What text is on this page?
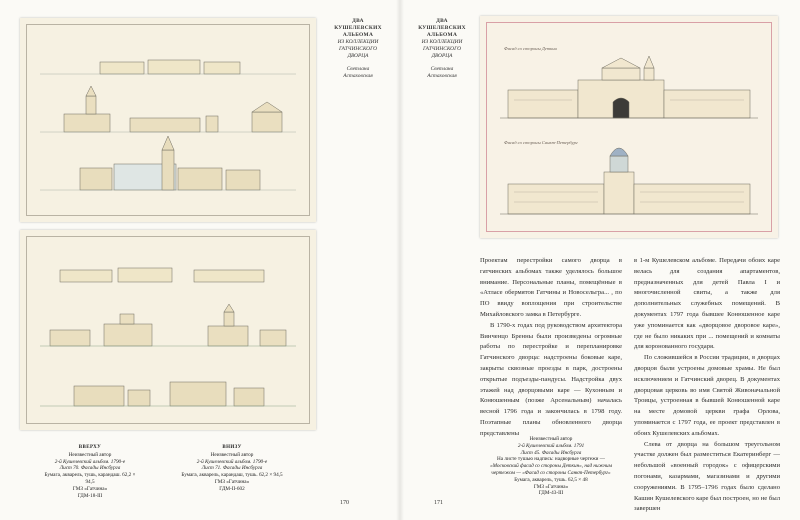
ДВА
КУШЕЛЕВСКИХ
АЛЬБОМА
ИЗ КОЛЛЕКЦИИ
ГАТЧИНСКОГО
ДВОРЦА
Светлана
Астаховская
ВВЕРХУ
Неизвестный автор
2-й Кушелевский альбом. 1790-е
Лист 70. Фасады Инсбурга
Бумага, акварель, тушь, карандаш. 62,2 × 94,5
ГМЗ «Гатчина»
ГДМ-18-III
ВНИЗУ
Неизвестный автор
2-й Кушелевский альбом. 1790-е
Лист 71. Фасады Инсбурга
Бумага, акварель, карандаш, тушь. 62,2 × 94,5
ГМЗ «Гатчина»
ГДМ-II-602
170
ДВА
КУШЕЛЕВСКИХ
АЛЬБОМА
ИЗ КОЛЛЕКЦИИ
ГАТЧИНСКОГО
ДВОРЦА
Светлана
Астаховская
Фасад со стороны Деткин
Фасад со стороны Санкт-Петербург

Проектам перестройки самого дворца в гатчинских альбомах также уделялось большое внимание. Персональные планы, помещённые в «Атласе обермятов Гатчины и Новосельгра... , по ПО ввиду воплощения при строительстве Михайловского замка в Петербурге.

В 1790-х годах под руководством архитектора Винченцо Бренны были произведены огромные работы по перестройке и перепланировке Гатчинского дворца: надстроены боковые каре, закрыты сквозные проезды в парк, достроены открытые подъезды-пандусы. Надстройка двух этажей над дворцовыми каре — Кухонным и Конюшенным (позже Арсенальным) началась весной 1796 года и закончилась в 1798 году. Поэтапные планы обновленного дворца представлены

в 1-м Кушелевском альбоме. Передачи обоих каре велась для создания апартаментов, предназначенных для детей Павла I и многочисленной свиты, а также для дополнительных служебных помещений. В документах 1797 года бывшее Конюшенное каре уже упоминается как «дворцовое дворовое каре», где не было никаких при ... помещений и комнаты для коронованного государя.

По сложившейся в России традиции, в дворцах дворцов были устроены домовые храмы. Не был исключением и Гатчинский дворец. В документах дворцовая церковь во имя Святой Живоначальной Троицы, устроенная в бывшей Конюшенной каре на месте домовой церкви графа Орлова, упоминается с 1797 года, ее проект представлен в обоих Кушелевских альбомах.

Слева от дворца на большом треугольном участке должен был разместиться Екатеринберг — небольшой «военный городок» с офицерскими погонами, казармами, магазинами и другими сооружениями. В 1795–1796 годах было сделано Кашин Кушелевского каре был построен, но не был завершен

Неизвестный автор
2-й Кушелевский альбом. 1791
Лист 45. Фасады Инсбурга
На листе тушью надпись: надворные чертежи —
«Московский фасад со стороны Деткин», над нижним
чертежом — «Фасад со стороны Санкт-Петербург»
Бумага, акварель, тушь. 62,5 × 48
ГМЗ «Гатчина»
ГДМ-43-III
171
